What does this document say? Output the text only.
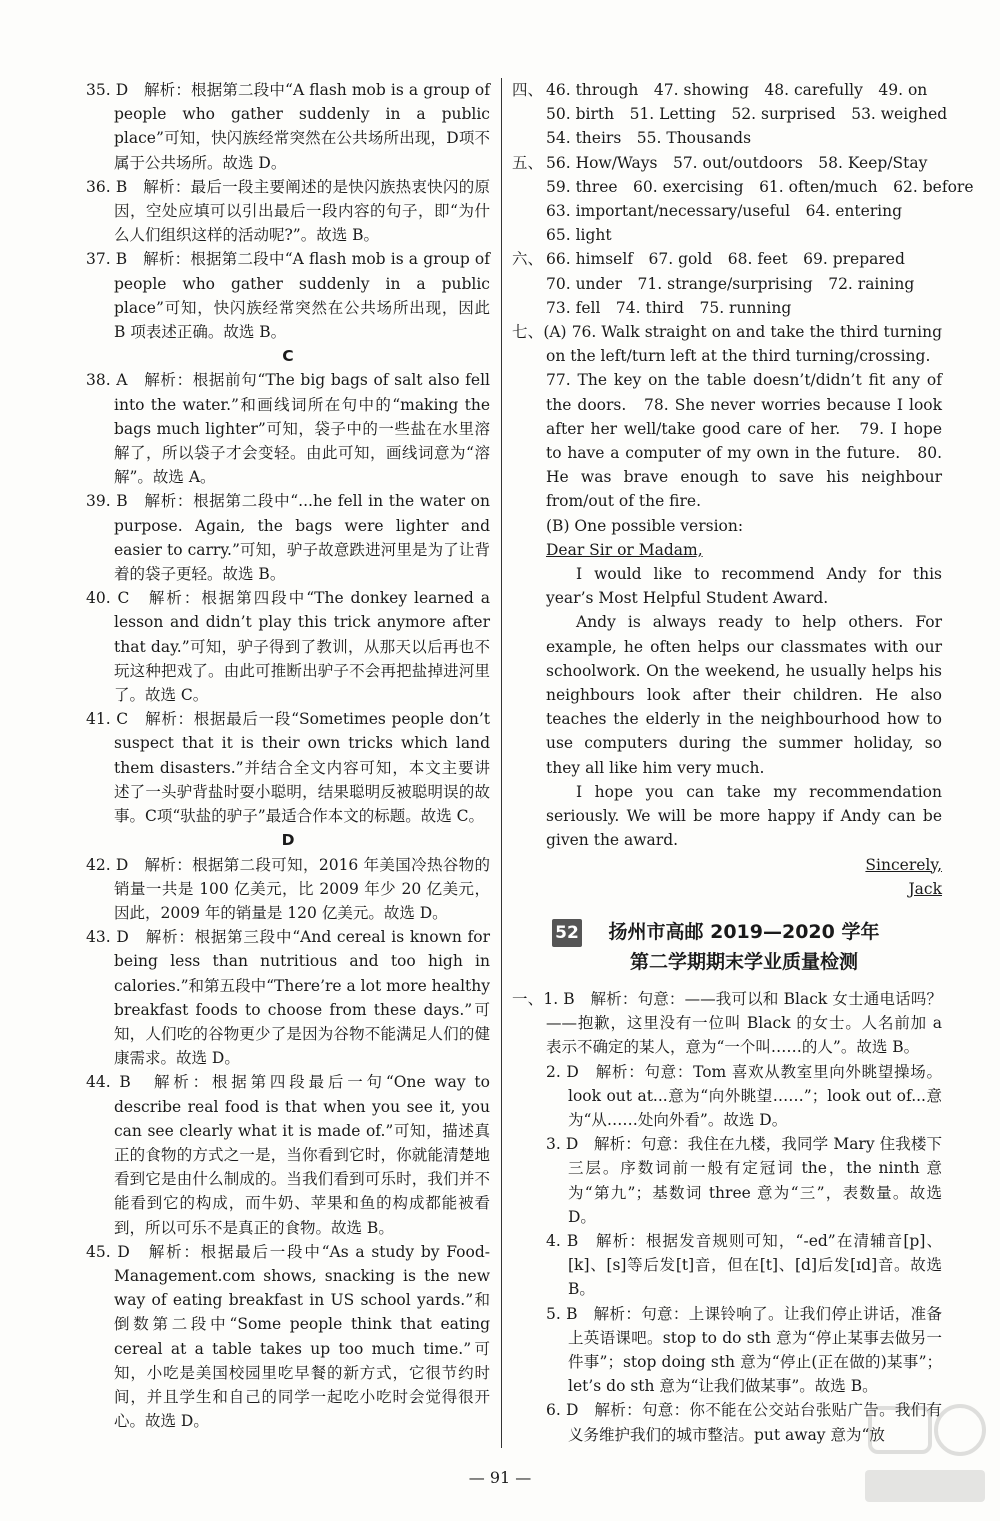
35. D　解析：根据第二段中“A flash mob is a group of people who gather suddenly in a public place”可知，快闪族经常突然在公共场所出现，D项不属于公共场所。故选 D。

36. B　解析：最后一段主要阐述的是快闪族热衷快闪的原因，空处应填可以引出最后一段内容的句子，即“为什么人们组织这样的活动呢?”。故选 B。

37. B　解析：根据第二段中“A flash mob is a group of people who gather suddenly in a public place”可知，快闪族经常突然在公共场所出现，因此 B 项表述正确。故选 B。

C

38. A　解析：根据前句“The big bags of salt also fell into the water.”和画线词所在句中的“making the bags much lighter”可知，袋子中的一些盐在水里溶解了，所以袋子才会变轻。由此可知，画线词意为“溶解”。故选 A。

39. B　解析：根据第二段中“...he fell in the water on purpose. Again, the bags were lighter and easier to carry.”可知，驴子故意跌进河里是为了让背着的袋子更轻。故选 B。

40. C　解析：根据第四段中“The donkey learned a lesson and didn’t play this trick anymore after that day.”可知，驴子得到了教训，从那天以后再也不玩这种把戏了。由此可推断出驴子不会再把盐掉进河里了。故选 C。

41. C　解析：根据最后一段“Sometimes people don’t suspect that it is their own tricks which land them disasters.”并结合全文内容可知，本文主要讲述了一头驴背盐时耍小聪明，结果聪明反被聪明误的故事。C项“驮盐的驴子”最适合作本文的标题。故选 C。

D

42. D　解析：根据第二段可知，2016 年美国冷热谷物的销量一共是 100 亿美元，比 2009 年少 20 亿美元，因此，2009 年的销量是 120 亿美元。故选 D。

43. D　解析：根据第三段中“And cereal is known for being less than nutritious and too high in calories.”和第五段中“There’re a lot more healthy breakfast foods to choose from these days.”可知，人们吃的谷物更少了是因为谷物不能满足人们的健康需求。故选 D。

44. B　解析：根据第四段最后一句“One way to describe real food is that when you see it, you can see clearly what it is made of.”可知，描述真正的食物的方式之一是，当你看到它时，你就能清楚地看到它是由什么制成的。当我们看到可乐时，我们并不能看到它的构成，而牛奶、苹果和鱼的构成都能被看到，所以可乐不是真正的食物。故选 B。

45. D　解析：根据最后一段中“As a study by Food-Management.com shows, snacking is the new way of eating breakfast in US school yards.”和倒数第二段中“Some people think that eating cereal at a table takes up too much time.”可知，小吃是美国校园里吃早餐的新方式，它很节约时间，并且学生和自己的同学一起吃小吃时会觉得很开心。故选 D。

四、 46. through　47. showing　48. carefully　49. on

50. birth　51. Letting　52. surprised　53. weighed

54. theirs　55. Thousands

五、 56. How/Ways　57. out/outdoors　58. Keep/Stay

59. three　60. exercising　61. often/much　62. before

63. important/necessary/useful　64. entering

65. light

六、 66. himself　67. gold　68. feet　69. prepared

70. under　71. strange/surprising　72. raining

73. fell　74. third　75. running

七、(A) 76. Walk straight on and take the third turning on the left/turn left at the third turning/crossing.

77. The key on the table doesn’t/didn’t fit any of the doors.　78. She never worries because I look after her well/take good care of her.　79. I hope to have a computer of my own in the future.　80. He was brave enough to save his neighbour from/out of the fire.

(B) One possible version:

Dear Sir or Madam,

I would like to recommend Andy for this year’s Most Helpful Student Award.

Andy is always ready to help others. For example, he often helps our classmates with our schoolwork. On the weekend, he usually helps his neighbours look after their children. He also teaches the elderly in the neighbourhood how to use computers during the summer holiday, so they all like him very much.

I hope you can take my recommendation seriously. We will be more happy if Andy can be given the award.

Sincerely,

Jack

52	扬州市高邮 2019—2020 学年
第二学期期末学业质量检测

一、1. B　解析：句意：——我可以和 Black 女士通电话吗？——抱歉，这里没有一位叫 Black 的女士。人名前加 a 表示不确定的某人，意为“一个叫……的人”。故选 B。

2. D　解析：句意：Tom 喜欢从教室里向外眺望操场。look out at...意为“向外眺望……”；look out of...意为“从……处向外看”。故选 D。

3. D　解析：句意：我住在九楼，我同学 Mary 住我楼下三层。序数词前一般有定冠词 the，the ninth 意为“第九”；基数词 three 意为“三”，表数量。故选 D。

4. B　解析：根据发音规则可知，“-ed”在清辅音[p]、[k]、[s]等后发[t]音，但在[t]、[d]后发[ɪd]音。故选 B。

5. B　解析：句意：上课铃响了。让我们停止讲话，准备上英语课吧。stop to do sth 意为“停止某事去做另一件事”；stop doing sth 意为“停止(正在做的)某事”；let’s do sth 意为“让我们做某事”。故选 B。

6. D　解析：句意：你不能在公交站台张贴广告。我们有义务维护我们的城市整洁。put away 意为“放

— 91 —
